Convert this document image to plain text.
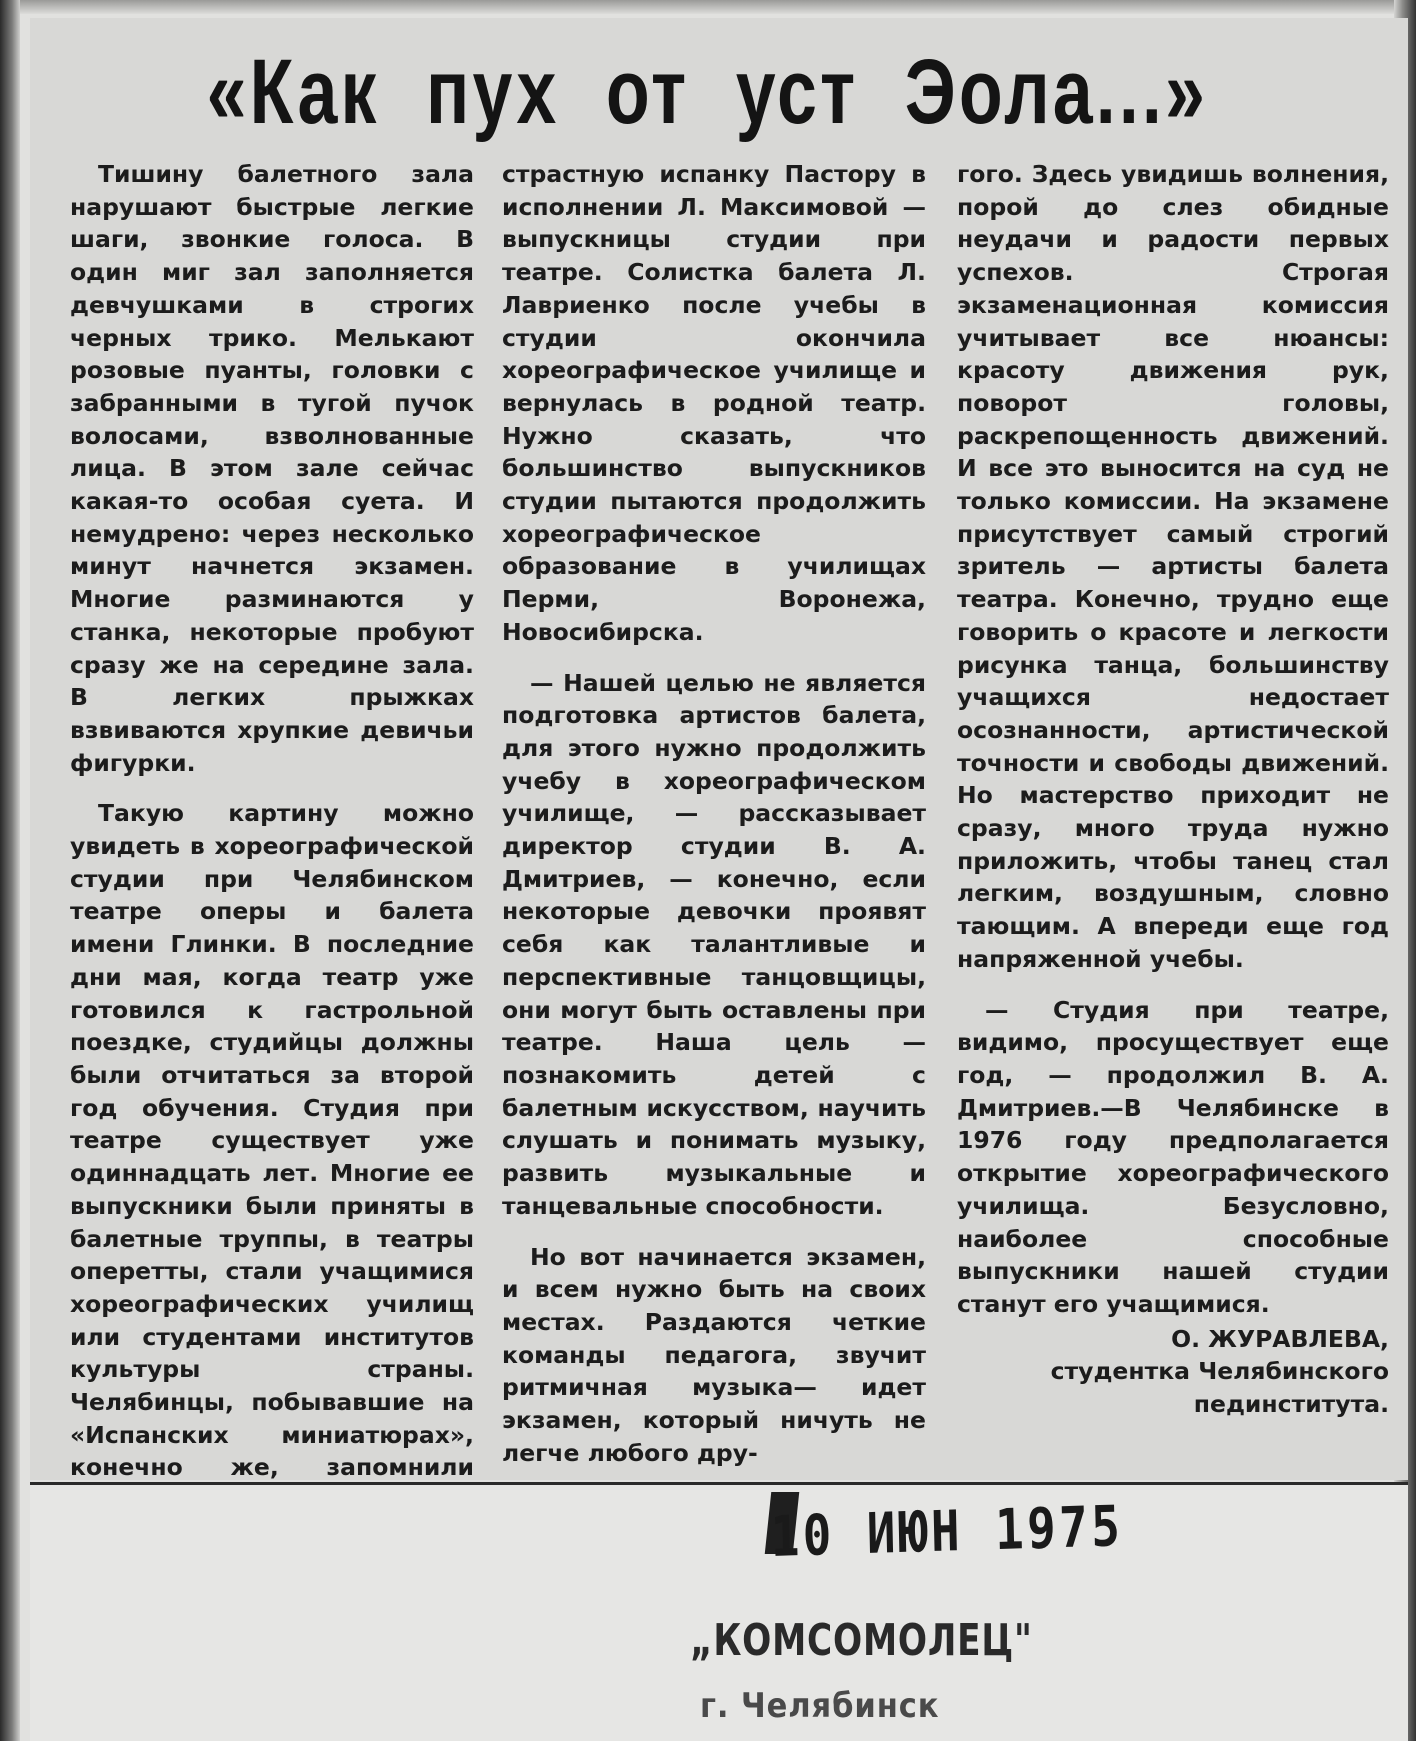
«Как пух от уст Эола...»

Тишину балетного зала нарушают быстрые легкие шаги, звонкие голоса. В один миг зал заполняется девчушками в строгих черных трико. Мелькают розовые пуанты, головки с забранными в тугой пучок волосами, взволнованные лица. В этом зале сейчас какая-то особая суета. И немудрено: через несколько минут начнется экзамен. Многие разминаются у станка, некоторые пробуют сразу же на середине зала. В легких прыжках взвиваются хрупкие девичьи фигурки.

Такую картину можно увидеть в хореографической студии при Челябинском театре оперы и балета имени Глинки. В последние дни мая, когда театр уже готовился к гастрольной поездке, студийцы должны были отчитаться за второй год обучения. Студия при театре существует уже одиннадцать лет. Многие ее выпускники были приняты в балетные труппы, в театры оперетты, стали учащимися хореографических училищ или студентами институтов культуры страны. Челябинцы, побывавшие на «Испанских миниатюрах», конечно же, запомнили

страстную испанку Пастору в исполнении Л. Максимовой — выпускницы студии при театре. Солистка балета Л. Лавриенко после учебы в студии окончила хореографическое училище и вернулась в родной театр. Нужно сказать, что большинство выпускников студии пытаются продолжить хореографическое образование в училищах Перми, Воронежа, Новосибирска.

— Нашей целью не является подготовка артистов балета, для этого нужно продолжить учебу в хореографическом училище, — рассказывает директор студии В. А. Дмитриев, — конечно, если некоторые девочки проявят себя как талантливые и перспективные танцовщицы, они могут быть оставлены при театре. Наша цель — познакомить детей с балетным искусством, научить слушать и понимать музыку, развить музыкальные и танцевальные способности.

Но вот начинается экзамен, и всем нужно быть на своих местах. Раздаются четкие команды педагога, звучит ритмичная музыка— идет экзамен, который ничуть не легче любого дру-

гого. Здесь увидишь волнения, порой до слез обидные неудачи и радости первых успехов. Строгая экзаменационная комиссия учитывает все нюансы: красоту движения рук, поворот головы, раскрепощенность движений. И все это выносится на суд не только комиссии. На экзамене присутствует самый строгий зритель — артисты балета театра. Конечно, трудно еще говорить о красоте и легкости рисунка танца, большинству учащихся недостает осознанности, артистической точности и свободы движений. Но мастерство приходит не сразу, много труда нужно приложить, чтобы танец стал легким, воздушным, словно тающим. А впереди еще год напряженной учебы.

— Студия при театре, видимо, просуществует еще год, — продолжил В. А. Дмитриев.—В Челябинске в 1976 году предполагается открытие хореографического училища. Безусловно, наиболее способные выпускники нашей студии станут его учащимися.

О. ЖУРАВЛЕВА,
студентка Челябинского
пединститута.
10 ИЮН 1975
„КОМСОМОЛЕЦ"
г. Челябинск
